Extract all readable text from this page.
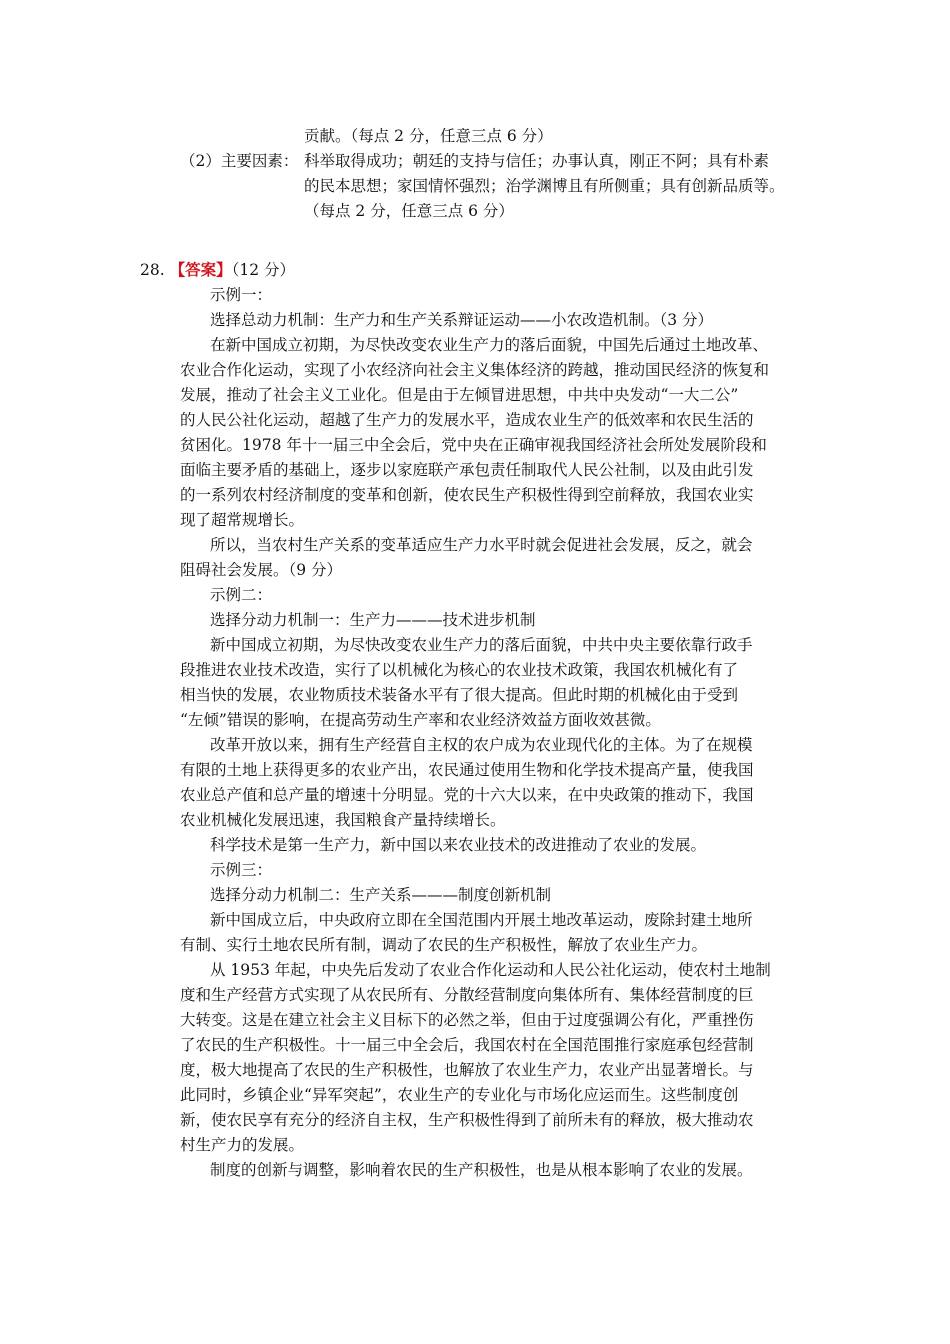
贡献。（每点 2 分，任意三点 6 分）
（2）主要因素： 科举取得成功；朝廷的支持与信任；办事认真，刚正不阿；具有朴素
的民本思想；家国情怀强烈；治学渊博且有所侧重；具有创新品质等。
（每点 2 分，任意三点 6 分）
28. 【答案】（12 分）
示例一：
选择总动力机制：生产力和生产关系辩证运动——小农改造机制。（3 分）
在新中国成立初期，为尽快改变农业生产力的落后面貌，中国先后通过土地改革、
农业合作化运动，实现了小农经济向社会主义集体经济的跨越，推动国民经济的恢复和
发展，推动了社会主义工业化。但是由于左倾冒进思想，中共中央发动“一大二公”
的人民公社化运动，超越了生产力的发展水平，造成农业生产的低效率和农民生活的
贫困化。1978 年十一届三中全会后，党中央在正确审视我国经济社会所处发展阶段和
面临主要矛盾的基础上，逐步以家庭联产承包责任制取代人民公社制，以及由此引发
的一系列农村经济制度的变革和创新，使农民生产积极性得到空前释放，我国农业实
现了超常规增长。
所以，当农村生产关系的变革适应生产力水平时就会促进社会发展，反之，就会
阻碍社会发展。（9 分）
示例二：
选择分动力机制一：生产力———技术进步机制
新中国成立初期，为尽快改变农业生产力的落后面貌，中共中央主要依靠行政手
段推进农业技术改造，实行了以机械化为核心的农业技术政策，我国农机械化有了
相当快的发展，农业物质技术装备水平有了很大提高。但此时期的机械化由于受到
“左倾”错误的影响，在提高劳动生产率和农业经济效益方面收效甚微。
改革开放以来，拥有生产经营自主权的农户成为农业现代化的主体。为了在规模
有限的土地上获得更多的农业产出，农民通过使用生物和化学技术提高产量，使我国
农业总产值和总产量的增速十分明显。党的十六大以来，在中央政策的推动下，我国
农业机械化发展迅速，我国粮食产量持续增长。
科学技术是第一生产力，新中国以来农业技术的改进推动了农业的发展。
示例三：
选择分动力机制二：生产关系———制度创新机制
新中国成立后，中央政府立即在全国范围内开展土地改革运动，废除封建土地所
有制、实行土地农民所有制，调动了农民的生产积极性，解放了农业生产力。
从 1953 年起，中央先后发动了农业合作化运动和人民公社化运动，使农村土地制
度和生产经营方式实现了从农民所有、分散经营制度向集体所有、集体经营制度的巨
大转变。这是在建立社会主义目标下的必然之举，但由于过度强调公有化，严重挫伤
了农民的生产积极性。十一届三中全会后，我国农村在全国范围推行家庭承包经营制
度，极大地提高了农民的生产积极性，也解放了农业生产力，农业产出显著增长。与
此同时，乡镇企业“异军突起”，农业生产的专业化与市场化应运而生。这些制度创
新，使农民享有充分的经济自主权，生产积极性得到了前所未有的释放，极大推动农
村生产力的发展。
制度的创新与调整，影响着农民的生产积极性，也是从根本影响了农业的发展。
